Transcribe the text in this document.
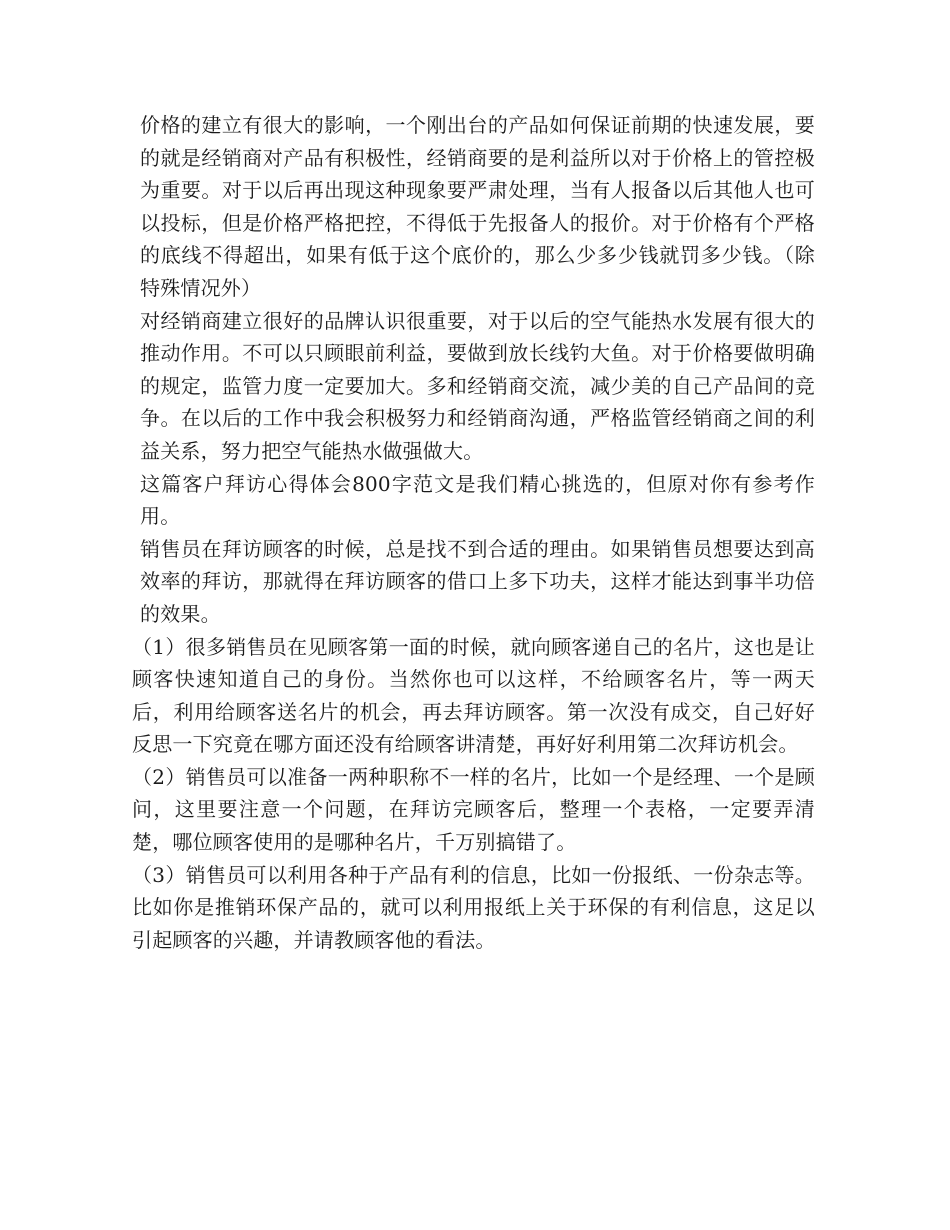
价格的建立有很大的影响，一个刚出台的产品如何保证前期的快速发展，要的就是经销商对产品有积极性，经销商要的是利益所以对于价格上的管控极为重要。对于以后再出现这种现象要严肃处理，当有人报备以后其他人也可以投标，但是价格严格把控，不得低于先报备人的报价。对于价格有个严格的底线不得超出，如果有低于这个底价的，那么少多少钱就罚多少钱。（除特殊情况外）

对经销商建立很好的品牌认识很重要，对于以后的空气能热水发展有很大的推动作用。不可以只顾眼前利益，要做到放长线钓大鱼。对于价格要做明确的规定，监管力度一定要加大。多和经销商交流，减少美的自己产品间的竞争。在以后的工作中我会积极努力和经销商沟通，严格监管经销商之间的利益关系，努力把空气能热水做强做大。

这篇客户拜访心得体会800字范文是我们精心挑选的，但原对你有参考作用。

销售员在拜访顾客的时候，总是找不到合适的理由。如果销售员想要达到高效率的拜访，那就得在拜访顾客的借口上多下功夫，这样才能达到事半功倍的效果。

（1）很多销售员在见顾客第一面的时候，就向顾客递自己的名片，这也是让顾客快速知道自己的身份。当然你也可以这样，不给顾客名片，等一两天后，利用给顾客送名片的机会，再去拜访顾客。第一次没有成交，自己好好反思一下究竟在哪方面还没有给顾客讲清楚，再好好利用第二次拜访机会。

（2）销售员可以准备一两种职称不一样的名片，比如一个是经理、一个是顾问，这里要注意一个问题，在拜访完顾客后，整理一个表格，一定要弄清楚，哪位顾客使用的是哪种名片，千万别搞错了。

（3）销售员可以利用各种于产品有利的信息，比如一份报纸、一份杂志等。比如你是推销环保产品的，就可以利用报纸上关于环保的有利信息，这足以引起顾客的兴趣，并请教顾客他的看法。
